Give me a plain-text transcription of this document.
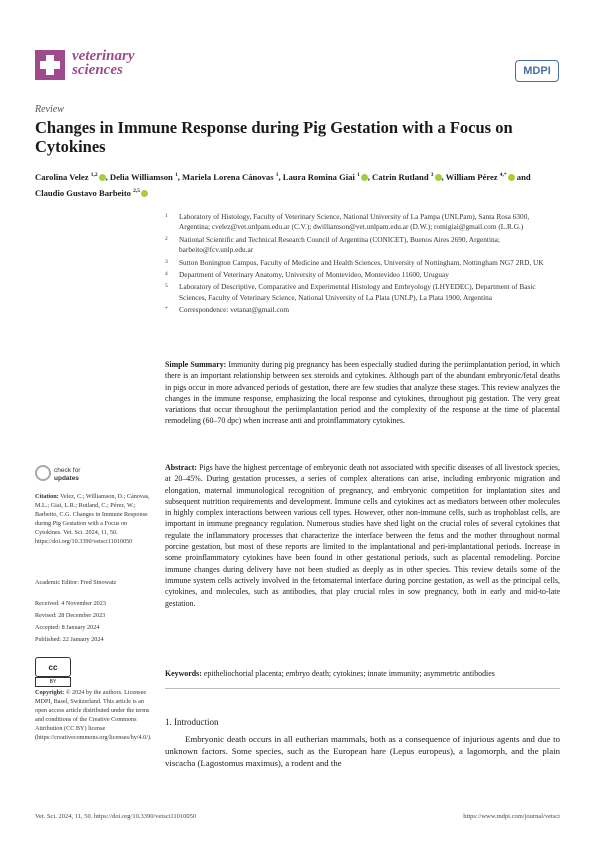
veterinary
sciences	MDPI
Review
Changes in Immune Response during Pig Gestation with a Focus on Cytokines
Carolina Velez $^{1,2}$ , Delia Williamson $^1$, Mariela Lorena Cánovas $^1$, Laura Romina Giai $^1$ , Catrin Rutland $^3$ , William Pérez $^{4,*}$ and Claudio Gustavo Barbeito $^{2,5}$
1	Laboratory of Histology, Faculty of Veterinary Science, National University of La Pampa (UNLPam), Santa Rosa 6300, Argentina; cvelez@vet.unlpam.edu.ar (C.V.); dwilliamson@vet.unlpam.edu.ar (D.W.); romigiai@gmail.com (L.R.G.)
2	National Scientific and Technical Research Council of Argentina (CONICET), Buenos Aires 2690, Argentina; barbeito@fcv.unlp.edu.ar
3	Sutton Bonington Campus, Faculty of Medicine and Health Sciences, University of Nottingham, Nottingham NG7 2RD, UK
4	Department of Veterinary Anatomy, University of Montevideo, Montevideo 11600, Uruguay
5	Laboratory of Descriptive, Comparative and Experimental Histology and Embryology (LHYEDEC), Department of Basic Sciences, Faculty of Veterinary Science, National University of La Plata (UNLP), La Plata 1900, Argentina
*	Correspondence: vetanat@gmail.com
Simple Summary: Immunity during pig pregnancy has been especially studied during the periimplantation period, in which there is an important relationship between sex steroids and cytokines. Although part of the abundant embryonic/fetal deaths in pigs occur in more advanced periods of gestation, there are few studies that analyze these stages. This review analyzes the changes in the immune response, emphasizing the local response and cytokines, throughout pig gestation. The very great variations that occur throughout the periimplantation period and the complexity of the response at the time of placental remodeling (60–70 dpc) when increase anti and proinflammatory cytokines.
Abstract: Pigs have the highest percentage of embryonic death not associated with specific diseases of all livestock species, at 20–45%. During gestation processes, a series of complex alterations can arise, including embryonic migration and elongation, maternal immunological recognition of pregnancy, and embryonic competition for implantation sites and subsequent nutrition requirements and development. Immune cells and cytokines act as mediators between other molecules in highly complex interactions between various cell types. However, other non-immune cells, such as trophoblast cells, are important in immune pregnancy regulation. Numerous studies have shed light on the crucial roles of several cytokines that regulate the inflammatory processes that characterize the interface between the fetus and the mother throughout normal porcine gestation, but most of these reports are limited to the implantational and peri-implantational periods. Increase in some proinflammatory cytokines have been found in other gestational periods, such as placental remodeling. Porcine immune changes during delivery have not been studied as deeply as in other species. This review details some of the immune system cells actively involved in the fetomaternal interface during porcine gestation, as well as the principal cells, cytokines, and molecules, such as antibodies, that play crucial roles in sow pregnancy, both in early and mid-to-late gestation.
Keywords: epitheliochorial placenta; embryo death; cytokines; innate immunity; asymmetric antibodies
check for
updates
Citation: Velez, C.; Williamson, D.; Cánovas, M.L.; Giai, L.R.; Rutland, C.; Pérez, W.; Barbeito, C.G. Changes in Immune Response during Pig Gestation with a Focus on Cytokines. Vet. Sci. 2024, 11, 50. https://doi.org/10.3390/vetsci11010050
Academic Editor: Fred Sinowatz
Received: 4 November 2023
Revised: 28 December 2023
Accepted: 8 January 2024
Published: 22 January 2024
cc
BY
Copyright: © 2024 by the authors. Licensee MDPI, Basel, Switzerland. This article is an open access article distributed under the terms and conditions of the Creative Commons Attribution (CC BY) license (https://creativecommons.org/licenses/by/4.0/).
1. Introduction
Embryonic death occurs in all eutherian mammals, both as a consequence of injurious agents and due to unknown factors. Some species, such as the European hare (Lepus europeus), a lagomorph, and the plain viscacha (Lagostomus maximus), a rodent and the
Vet. Sci. 2024, 11, 50. https://doi.org/10.3390/vetsci11010050	https://www.mdpi.com/journal/vetsci
